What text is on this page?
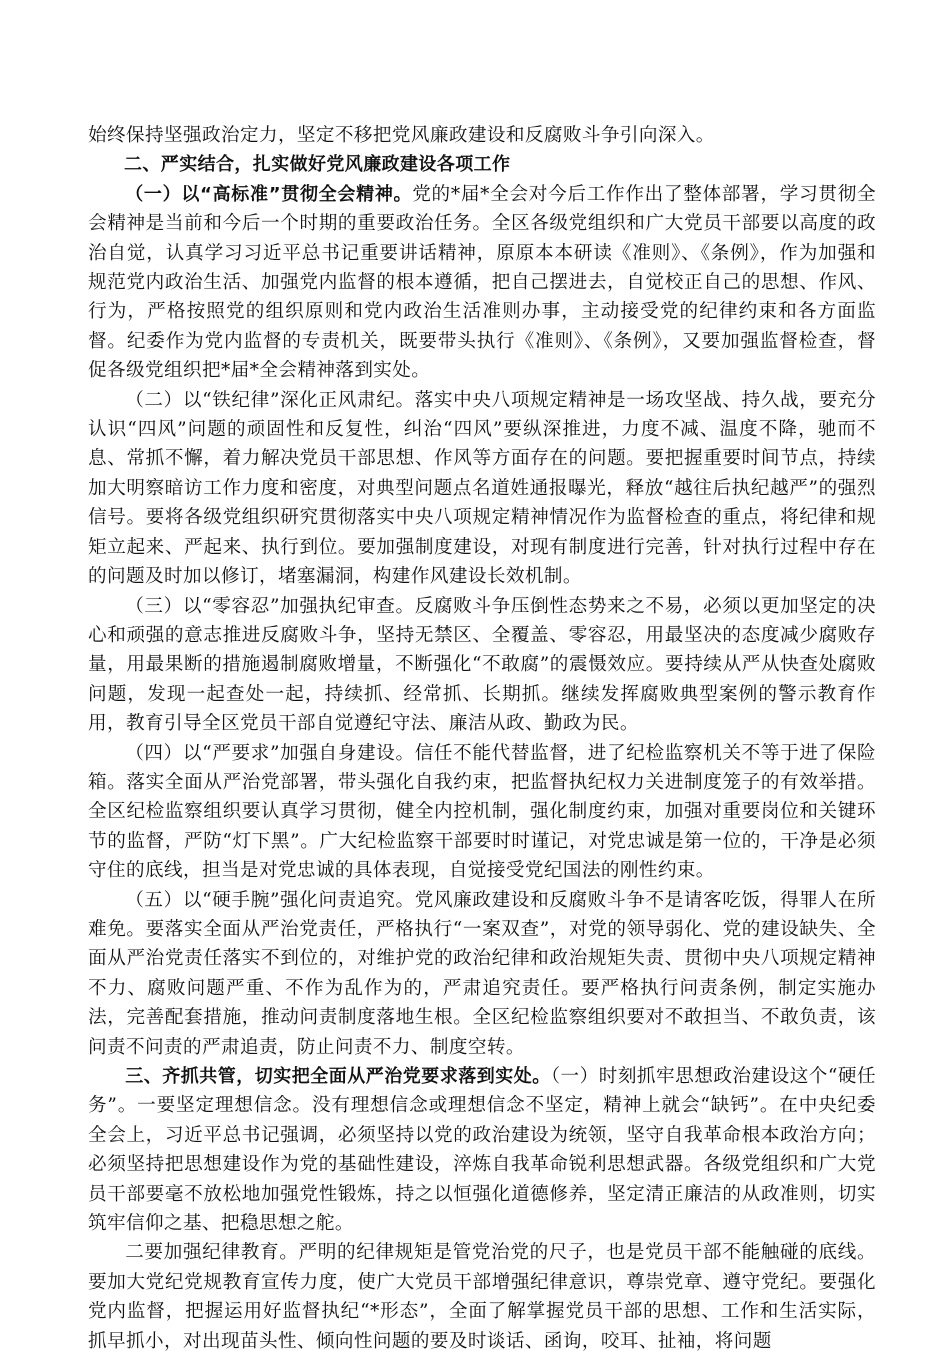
始终保持坚强政治定力，坚定不移把党风廉政建设和反腐败斗争引向深入。

二、严实结合，扎实做好党风廉政建设各项工作

（一）以“高标准”贯彻全会精神。党的*届*全会对今后工作作出了整体部署，学习贯彻全会精神是当前和今后一个时期的重要政治任务。全区各级党组织和广大党员干部要以高度的政治自觉，认真学习习近平总书记重要讲话精神，原原本本研读《准则》、《条例》，作为加强和规范党内政治生活、加强党内监督的根本遵循，把自己摆进去，自觉校正自己的思想、作风、行为，严格按照党的组织原则和党内政治生活准则办事，主动接受党的纪律约束和各方面监督。纪委作为党内监督的专责机关，既要带头执行《准则》、《条例》，又要加强监督检查，督促各级党组织把*届*全会精神落到实处。

（二）以“铁纪律”深化正风肃纪。落实中央八项规定精神是一场攻坚战、持久战，要充分认识“四风”问题的顽固性和反复性，纠治“四风”要纵深推进，力度不减、温度不降，驰而不息、常抓不懈，着力解决党员干部思想、作风等方面存在的问题。要把握重要时间节点，持续加大明察暗访工作力度和密度，对典型问题点名道姓通报曝光，释放“越往后执纪越严”的强烈信号。要将各级党组织研究贯彻落实中央八项规定精神情况作为监督检查的重点，将纪律和规矩立起来、严起来、执行到位。要加强制度建设，对现有制度进行完善，针对执行过程中存在的问题及时加以修订，堵塞漏洞，构建作风建设长效机制。

（三）以“零容忍”加强执纪审查。反腐败斗争压倒性态势来之不易，必须以更加坚定的决心和顽强的意志推进反腐败斗争，坚持无禁区、全覆盖、零容忍，用最坚决的态度减少腐败存量，用最果断的措施遏制腐败增量，不断强化“不敢腐”的震慑效应。要持续从严从快查处腐败问题，发现一起查处一起，持续抓、经常抓、长期抓。继续发挥腐败典型案例的警示教育作用，教育引导全区党员干部自觉遵纪守法、廉洁从政、勤政为民。

（四）以“严要求”加强自身建设。信任不能代替监督，进了纪检监察机关不等于进了保险箱。落实全面从严治党部署，带头强化自我约束，把监督执纪权力关进制度笼子的有效举措。全区纪检监察组织要认真学习贯彻，健全内控机制，强化制度约束，加强对重要岗位和关键环节的监督，严防“灯下黑”。广大纪检监察干部要时时谨记，对党忠诚是第一位的，干净是必须守住的底线，担当是对党忠诚的具体表现，自觉接受党纪国法的刚性约束。

（五）以“硬手腕”强化问责追究。党风廉政建设和反腐败斗争不是请客吃饭，得罪人在所难免。要落实全面从严治党责任，严格执行“一案双查”，对党的领导弱化、党的建设缺失、全面从严治党责任落实不到位的，对维护党的政治纪律和政治规矩失责、贯彻中央八项规定精神不力、腐败问题严重、不作为乱作为的，严肃追究责任。要严格执行问责条例，制定实施办法，完善配套措施，推动问责制度落地生根。全区纪检监察组织要对不敢担当、不敢负责，该问责不问责的严肃追责，防止问责不力、制度空转。

三、齐抓共管，切实把全面从严治党要求落到实处。（一）时刻抓牢思想政治建设这个“硬任务”。一要坚定理想信念。没有理想信念或理想信念不坚定，精神上就会“缺钙”。在中央纪委全会上，习近平总书记强调，必须坚持以党的政治建设为统领，坚守自我革命根本政治方向；必须坚持把思想建设作为党的基础性建设，淬炼自我革命锐利思想武器。各级党组织和广大党员干部要毫不放松地加强党性锻炼，持之以恒强化道德修养，坚定清正廉洁的从政准则，切实筑牢信仰之基、把稳思想之舵。

二要加强纪律教育。严明的纪律规矩是管党治党的尺子，也是党员干部不能触碰的底线。要加大党纪党规教育宣传力度，使广大党员干部增强纪律意识，尊崇党章、遵守党纪。要强化党内监督，把握运用好监督执纪“*形态”，全面了解掌握党员干部的思想、工作和生活实际，抓早抓小，对出现苗头性、倾向性问题的要及时谈话、函询，咬耳、扯袖，将问题
